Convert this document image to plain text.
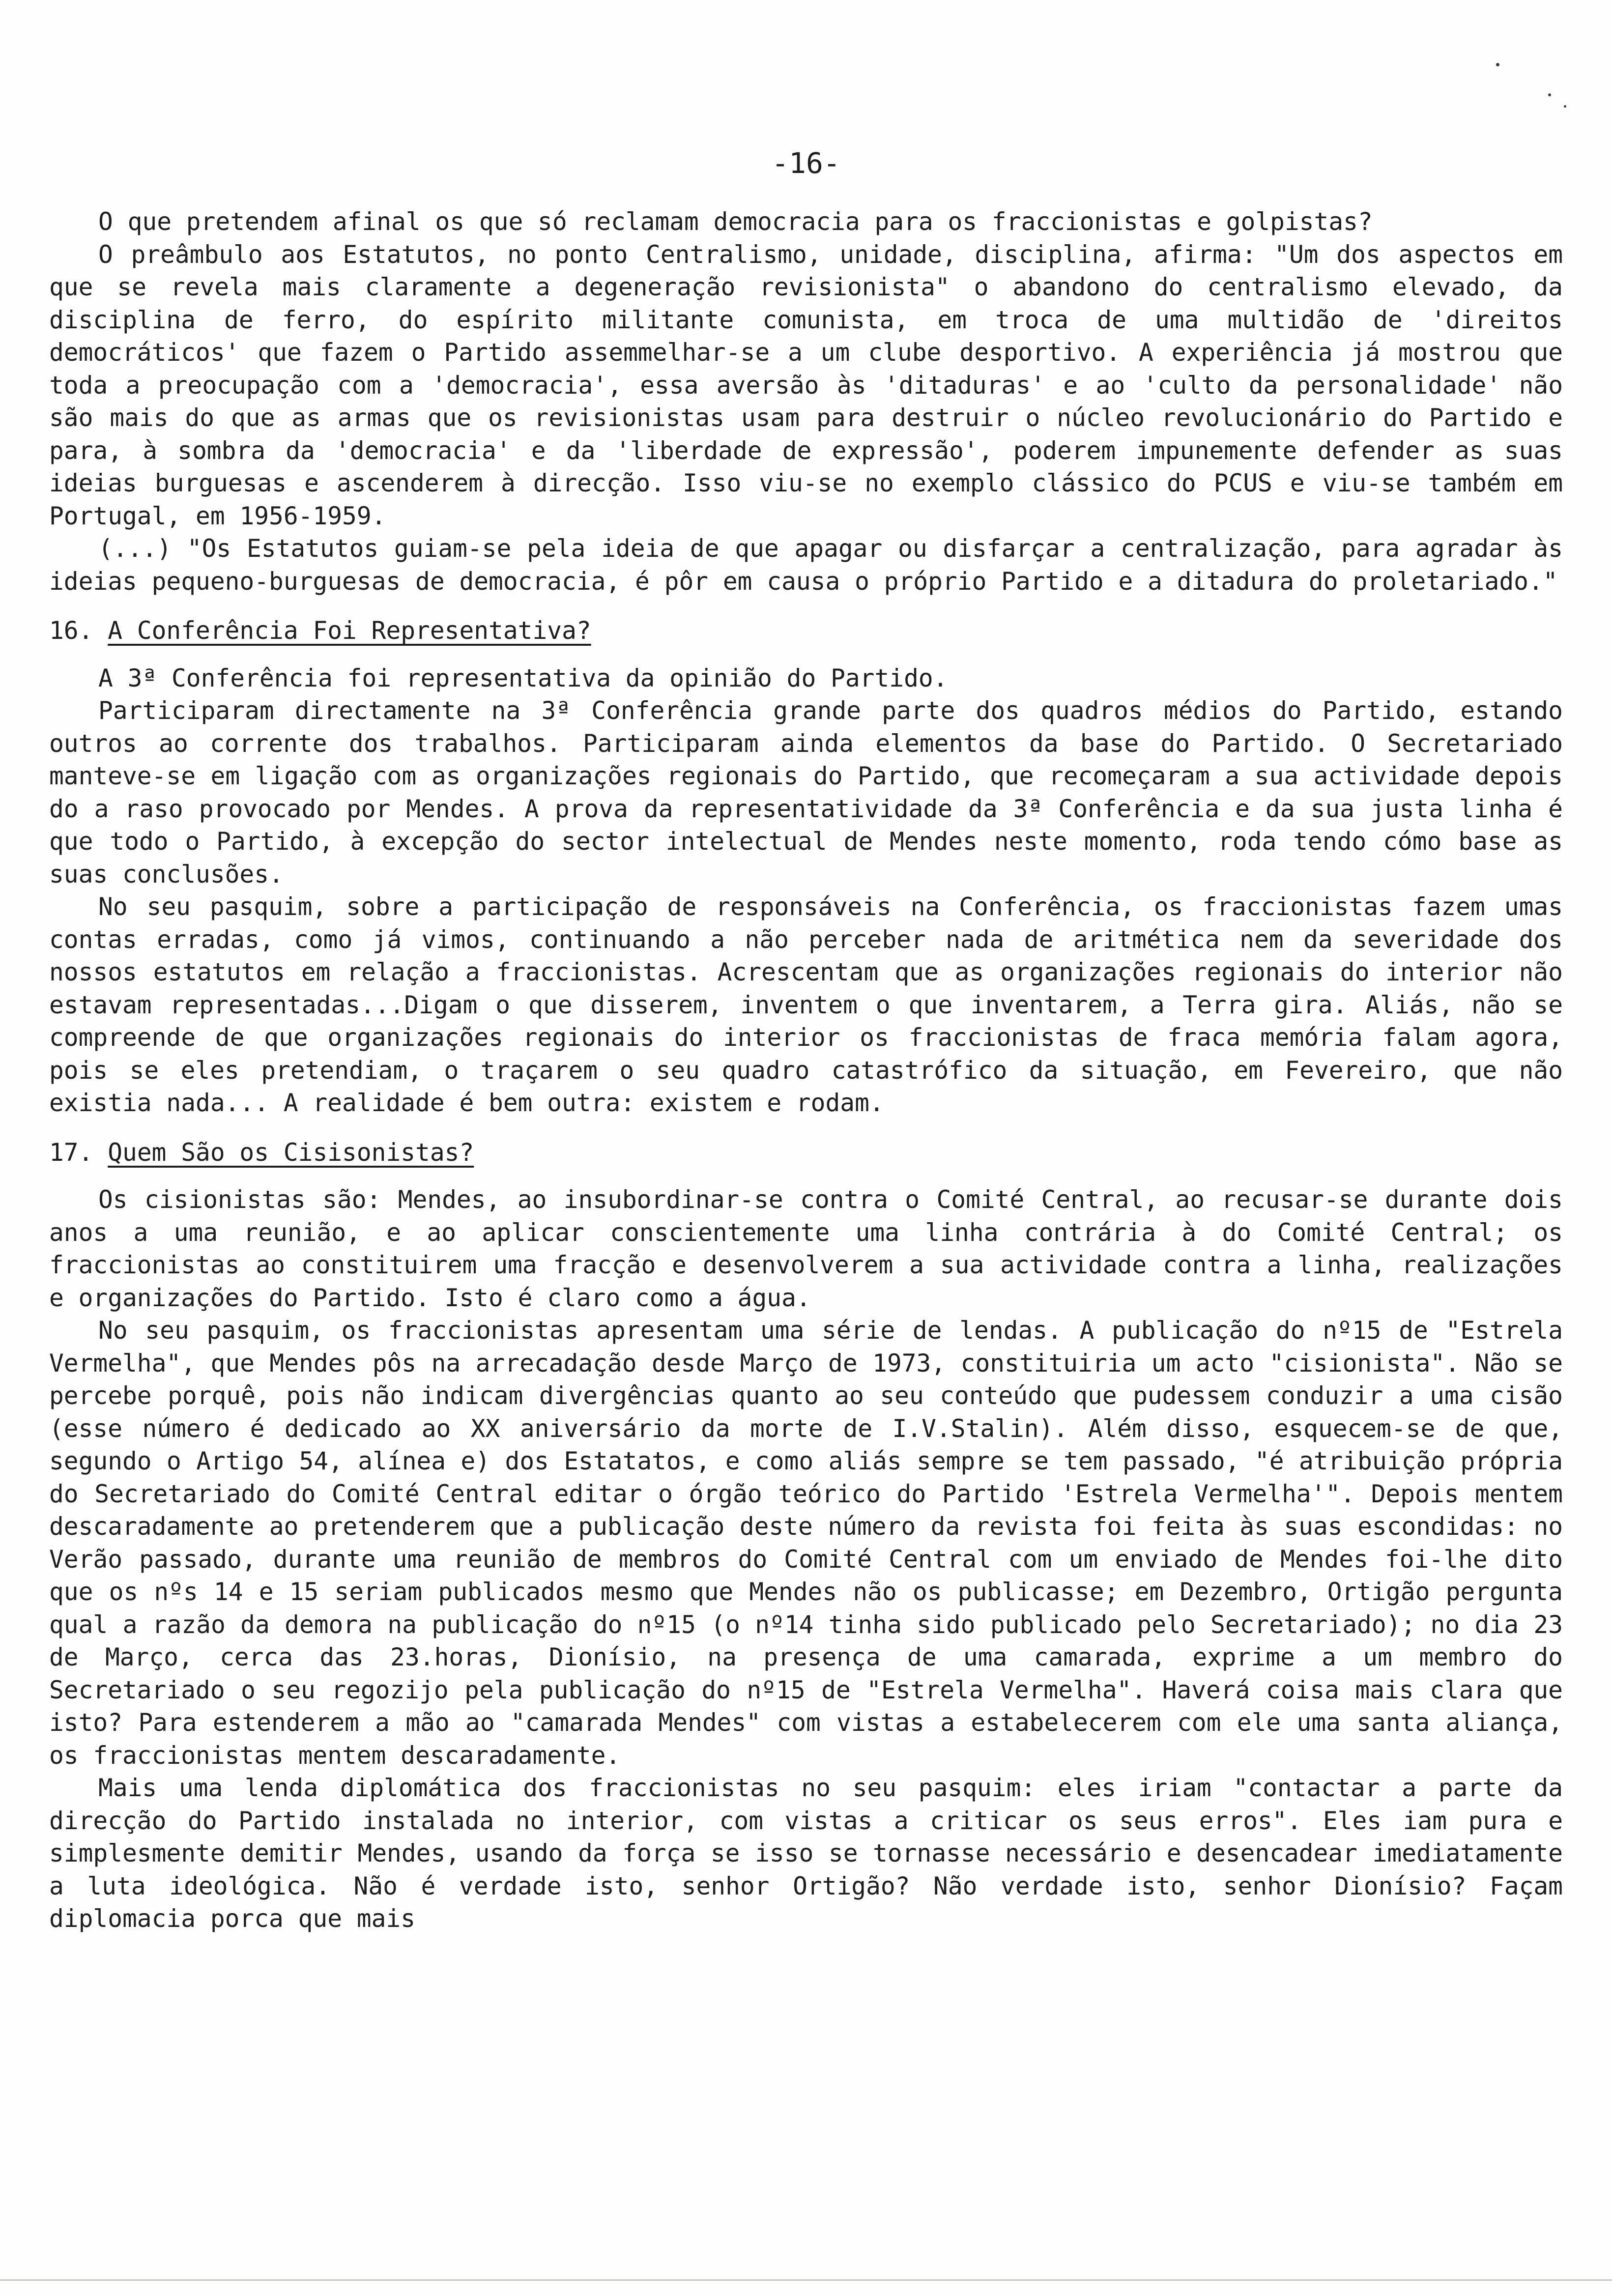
-16-

O que pretendem afinal os que só reclamam democracia para os fraccionistas e golpistas?

O preâmbulo aos Estatutos, no ponto Centralismo, unidade, disciplina, afirma: "Um dos aspectos em que se revela mais claramente a degeneração revisionista" o abandono do centralismo elevado, da disciplina de ferro, do espírito militante comunista, em troca de uma multidão de 'direitos democráticos' que fazem o Partido assemmelhar-se a um clube desportivo. A experiência já mostrou que toda a preocupação com a 'democracia', essa aversão às 'ditaduras' e ao 'culto da personalidade' não são mais do que as armas que os revisionistas usam para destruir o núcleo revolucionário do Partido e para, à sombra da 'democracia' e da 'liberdade de expressão', poderem impunemente defender as suas ideias burguesas e ascenderem à direcção. Isso viu-se no exemplo clássico do PCUS e viu-se também em Portugal, em 1956-1959.

(...) "Os Estatutos guiam-se pela ideia de que apagar ou disfarçar a centralização, para agradar às ideias pequeno-burguesas de democracia, é pôr em causa o próprio Partido e a ditadura do proletariado."

16. A Conferência Foi Representativa?

A 3ª Conferência foi representativa da opinião do Partido.

Participaram directamente na 3ª Conferência grande parte dos quadros médios do Partido, estando outros ao corrente dos trabalhos. Participaram ainda elementos da base do Partido. O Secretariado manteve-se em ligação com as organizações regionais do Partido, que recomeçaram a sua actividade depois do a raso provocado por Mendes. A prova da representatividade da 3ª Conferência e da sua justa linha é que todo o Partido, à excepção do sector intelectual de Mendes neste momento, roda tendo cómo base as suas conclusões.

No seu pasquim, sobre a participação de responsáveis na Conferência, os fraccionistas fazem umas contas erradas, como já vimos, continuando a não perceber nada de aritmética nem da severidade dos nossos estatutos em relação a fraccionistas. Acrescentam que as organizações regionais do interior não estavam representadas...Digam o que disserem, inventem o que inventarem, a Terra gira. Aliás, não se compreende de que organizações regionais do interior os fraccionistas de fraca memória falam agora, pois se eles pretendiam, o traçarem o seu quadro catastrófico da situação, em Fevereiro, que não existia nada... A realidade é bem outra: existem e rodam.

17. Quem São os Cisisonistas?

Os cisionistas são: Mendes, ao insubordinar-se contra o Comité Central, ao recusar-se durante dois anos a uma reunião, e ao aplicar conscientemente uma linha contrária à do Comité Central; os fraccionistas ao constituirem uma fracção e desenvolverem a sua actividade contra a linha, realizações e organizações do Partido. Isto é claro como a água.

No seu pasquim, os fraccionistas apresentam uma série de lendas. A publicação do nº15 de "Estrela Vermelha", que Mendes pôs na arrecadação desde Março de 1973, constituiria um acto "cisionista". Não se percebe porquê, pois não indicam divergências quanto ao seu conteúdo que pudessem conduzir a uma cisão (esse número é dedicado ao XX aniversário da morte de I.V.Stalin). Além disso, esquecem-se de que, segundo o Artigo 54, alínea e) dos Estatatos, e como aliás sempre se tem passado, "é atribuição própria do Secretariado do Comité Central editar o órgão teórico do Partido 'Estrela Vermelha'". Depois mentem descaradamente ao pretenderem que a publicação deste número da revista foi feita às suas escondidas: no Verão passado, durante uma reunião de membros do Comité Central com um enviado de Mendes foi-lhe dito que os nºs 14 e 15 seriam publicados mesmo que Mendes não os publicasse; em Dezembro, Ortigão pergunta qual a razão da demora na publicação do nº15 (o nº14 tinha sido publicado pelo Secretariado); no dia 23 de Março, cerca das 23.horas, Dionísio, na presença de uma camarada, exprime a um membro do Secretariado o seu regozijo pela publicação do nº15 de "Estrela Vermelha". Haverá coisa mais clara que isto? Para estenderem a mão ao "camarada Mendes" com vistas a estabelecerem com ele uma santa aliança, os fraccionistas mentem descaradamente.

Mais uma lenda diplomática dos fraccionistas no seu pasquim: eles iriam "contactar a parte da direcção do Partido instalada no interior, com vistas a criticar os seus erros". Eles iam pura e simplesmente demitir Mendes, usando da força se isso se tornasse necessário e desencadear imediatamente a luta ideológica. Não é verdade isto, senhor Ortigão? Não verdade isto, senhor Dionísio? Façam diplomacia porca que mais
